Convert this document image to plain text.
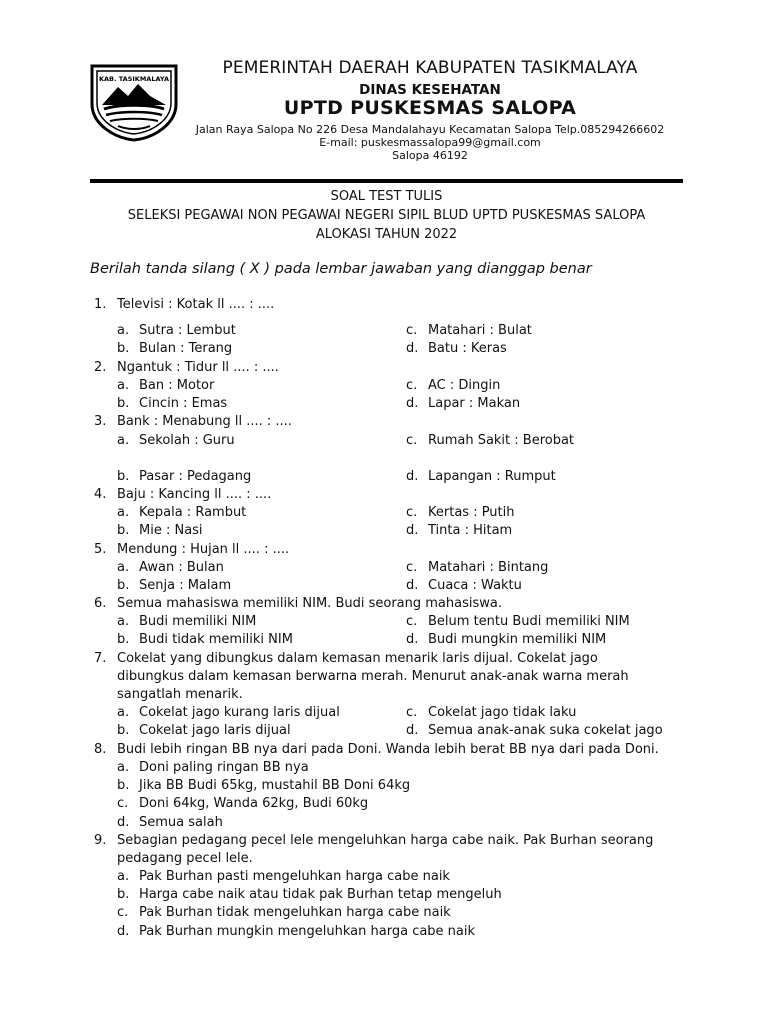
KAB. TASIKMALAYA
PEMERINTAH DAERAH KABUPATEN TASIKMALAYA
DINAS KESEHATAN
UPTD PUSKESMAS SALOPA
Jalan Raya Salopa No 226 Desa Mandalahayu Kecamatan Salopa Telp.085294266602
E-mail: puskesmassalopa99@gmail.com
Salopa 46192
SOAL TEST TULIS
SELEKSI PEGAWAI NON PEGAWAI NEGERI SIPIL BLUD UPTD PUSKESMAS SALOPA
ALOKASI TAHUN 2022
Berilah tanda silang ( X ) pada lembar jawaban yang dianggap benar
1. Televisi : Kotak ll .... : ....
a. Sutra : Lembut	c. Matahari : Bulat
b. Bulan : Terang	d. Batu : Keras
2. Ngantuk : Tidur ll .... : ....
a. Ban : Motor	c. AC : Dingin
b. Cincin : Emas	d. Lapar : Makan
3. Bank : Menabung ll .... : ....
a. Sekolah : Guru	c. Rumah Sakit : Berobat
b. Pasar : Pedagang	d. Lapangan : Rumput
4. Baju : Kancing ll .... : ....
a. Kepala : Rambut	c. Kertas : Putih
b. Mie : Nasi	d. Tinta : Hitam
5. Mendung : Hujan ll .... : ....
a. Awan : Bulan	c. Matahari : Bintang
b. Senja : Malam	d. Cuaca : Waktu
6. Semua mahasiswa memiliki NIM. Budi seorang mahasiswa.
a. Budi memiliki NIM	c. Belum tentu Budi memiliki NIM
b. Budi tidak memiliki NIM	d. Budi mungkin memiliki NIM
7. Cokelat yang dibungkus dalam kemasan menarik laris dijual. Cokelat jago
dibungkus dalam kemasan berwarna merah. Menurut anak-anak warna merah
sangatlah menarik.
a. Cokelat jago kurang laris dijual	c. Cokelat jago tidak laku
b. Cokelat jago laris dijual	d. Semua anak-anak suka cokelat jago
8. Budi lebih ringan BB nya dari pada Doni. Wanda lebih berat BB nya dari pada Doni.
a. Doni paling ringan BB nya
b. Jika BB Budi 65kg, mustahil BB Doni 64kg
c. Doni 64kg, Wanda 62kg, Budi 60kg
d. Semua salah
9. Sebagian pedagang pecel lele mengeluhkan harga cabe naik. Pak Burhan seorang
pedagang pecel lele.
a. Pak Burhan pasti mengeluhkan harga cabe naik
b. Harga cabe naik atau tidak pak Burhan tetap mengeluh
c. Pak Burhan tidak mengeluhkan harga cabe naik
d. Pak Burhan mungkin mengeluhkan harga cabe naik
